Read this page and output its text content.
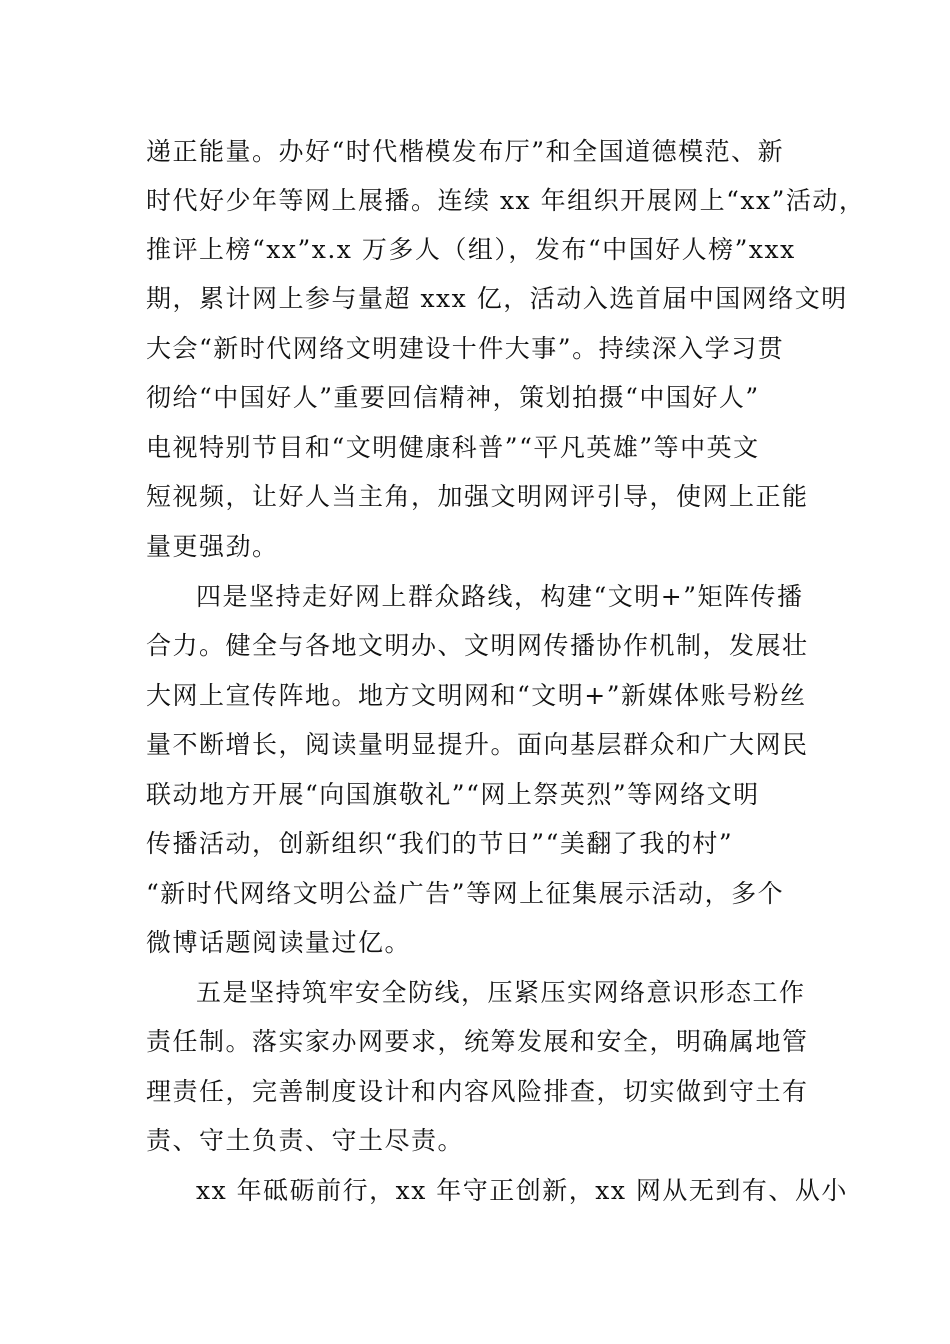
递正能量。办好“时代楷模发布厅”和全国道德模范、新
时代好少年等网上展播。连续 xx 年组织开展网上“xx”活动，
推评上榜“xx”x.x 万多人（组），发布“中国好人榜”xxx
期，累计网上参与量超 xxx 亿，活动入选首届中国网络文明
大会“新时代网络文明建设十件大事”。持续深入学习贯
彻给“中国好人”重要回信精神，策划拍摄“中国好人”
电视特别节目和“文明健康科普”“平凡英雄”等中英文
短视频，让好人当主角，加强文明网评引导，使网上正能
量更强劲。
四是坚持走好网上群众路线，构建“文明+”矩阵传播
合力。健全与各地文明办、文明网传播协作机制，发展壮
大网上宣传阵地。地方文明网和“文明+”新媒体账号粉丝
量不断增长，阅读量明显提升。面向基层群众和广大网民
联动地方开展“向国旗敬礼”“网上祭英烈”等网络文明
传播活动，创新组织“我们的节日”“美翻了我的村”
“新时代网络文明公益广告”等网上征集展示活动，多个
微博话题阅读量过亿。
五是坚持筑牢安全防线，压紧压实网络意识形态工作
责任制。落实家办网要求，统筹发展和安全，明确属地管
理责任，完善制度设计和内容风险排查，切实做到守土有
责、守土负责、守土尽责。
xx 年砥砺前行，xx 年守正创新，xx 网从无到有、从小
